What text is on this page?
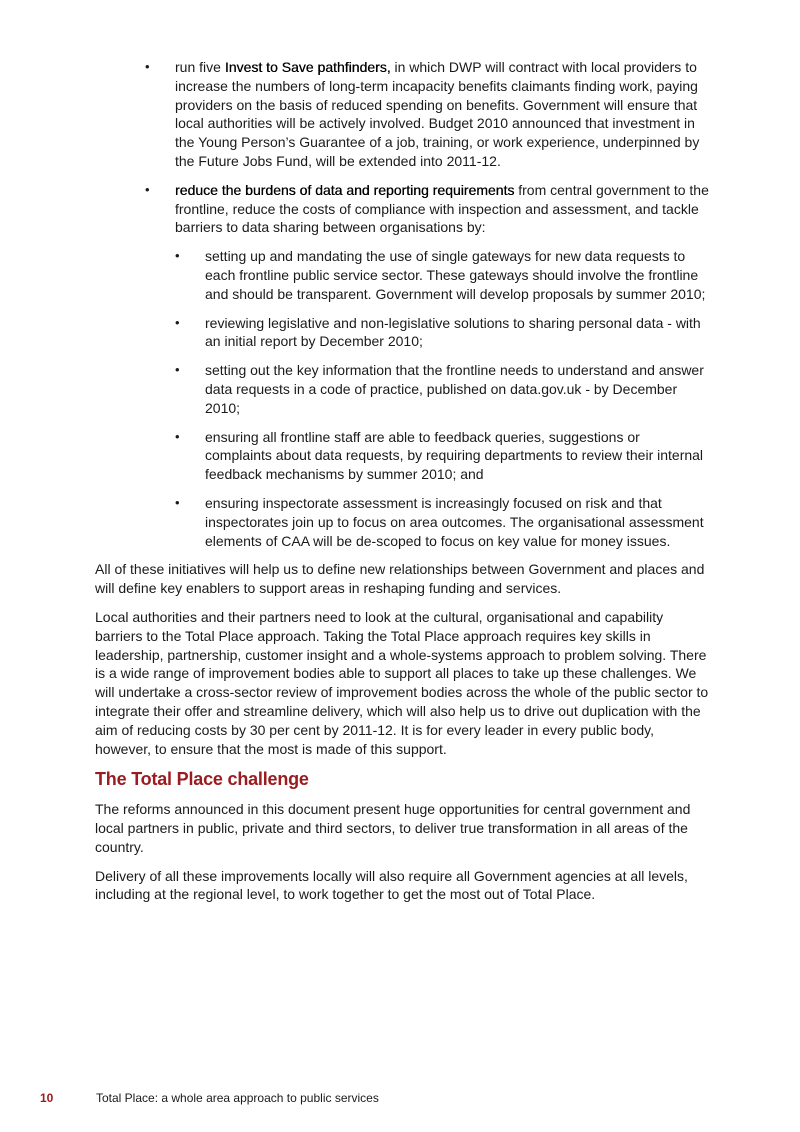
• run five Invest to Save pathfinders, in which DWP will contract with local providers to increase the numbers of long-term incapacity benefits claimants finding work, paying providers on the basis of reduced spending on benefits. Government will ensure that local authorities will be actively involved. Budget 2010 announced that investment in the Young Person’s Guarantee of a job, training, or work experience, underpinned by the Future Jobs Fund, will be extended into 2011-12.
• reduce the burdens of data and reporting requirements from central government to the frontline, reduce the costs of compliance with inspection and assessment, and tackle barriers to data sharing between organisations by:
• setting up and mandating the use of single gateways for new data requests to each frontline public service sector. These gateways should involve the frontline and should be transparent. Government will develop proposals by summer 2010;
• reviewing legislative and non-legislative solutions to sharing personal data - with an initial report by December 2010;
• setting out the key information that the frontline needs to understand and answer data requests in a code of practice, published on data.gov.uk - by December 2010;
• ensuring all frontline staff are able to feedback queries, suggestions or complaints about data requests, by requiring departments to review their internal feedback mechanisms by summer 2010; and
• ensuring inspectorate assessment is increasingly focused on risk and that inspectorates join up to focus on area outcomes. The organisational assessment elements of CAA will be de-scoped to focus on key value for money issues.

All of these initiatives will help us to define new relationships between Government and places and will define key enablers to support areas in reshaping funding and services.

Local authorities and their partners need to look at the cultural, organisational and capability barriers to the Total Place approach. Taking the Total Place approach requires key skills in leadership, partnership, customer insight and a whole-systems approach to problem solving. There is a wide range of improvement bodies able to support all places to take up these challenges. We will undertake a cross-sector review of improvement bodies across the whole of the public sector to integrate their offer and streamline delivery, which will also help us to drive out duplication with the aim of reducing costs by 30 per cent by 2011-12. It is for every leader in every public body, however, to ensure that the most is made of this support.

The Total Place challenge

The reforms announced in this document present huge opportunities for central government and local partners in public, private and third sectors, to deliver true transformation in all areas of the country.

Delivery of all these improvements locally will also require all Government agencies at all levels, including at the regional level, to work together to get the most out of Total Place.

10	Total Place: a whole area approach to public services
